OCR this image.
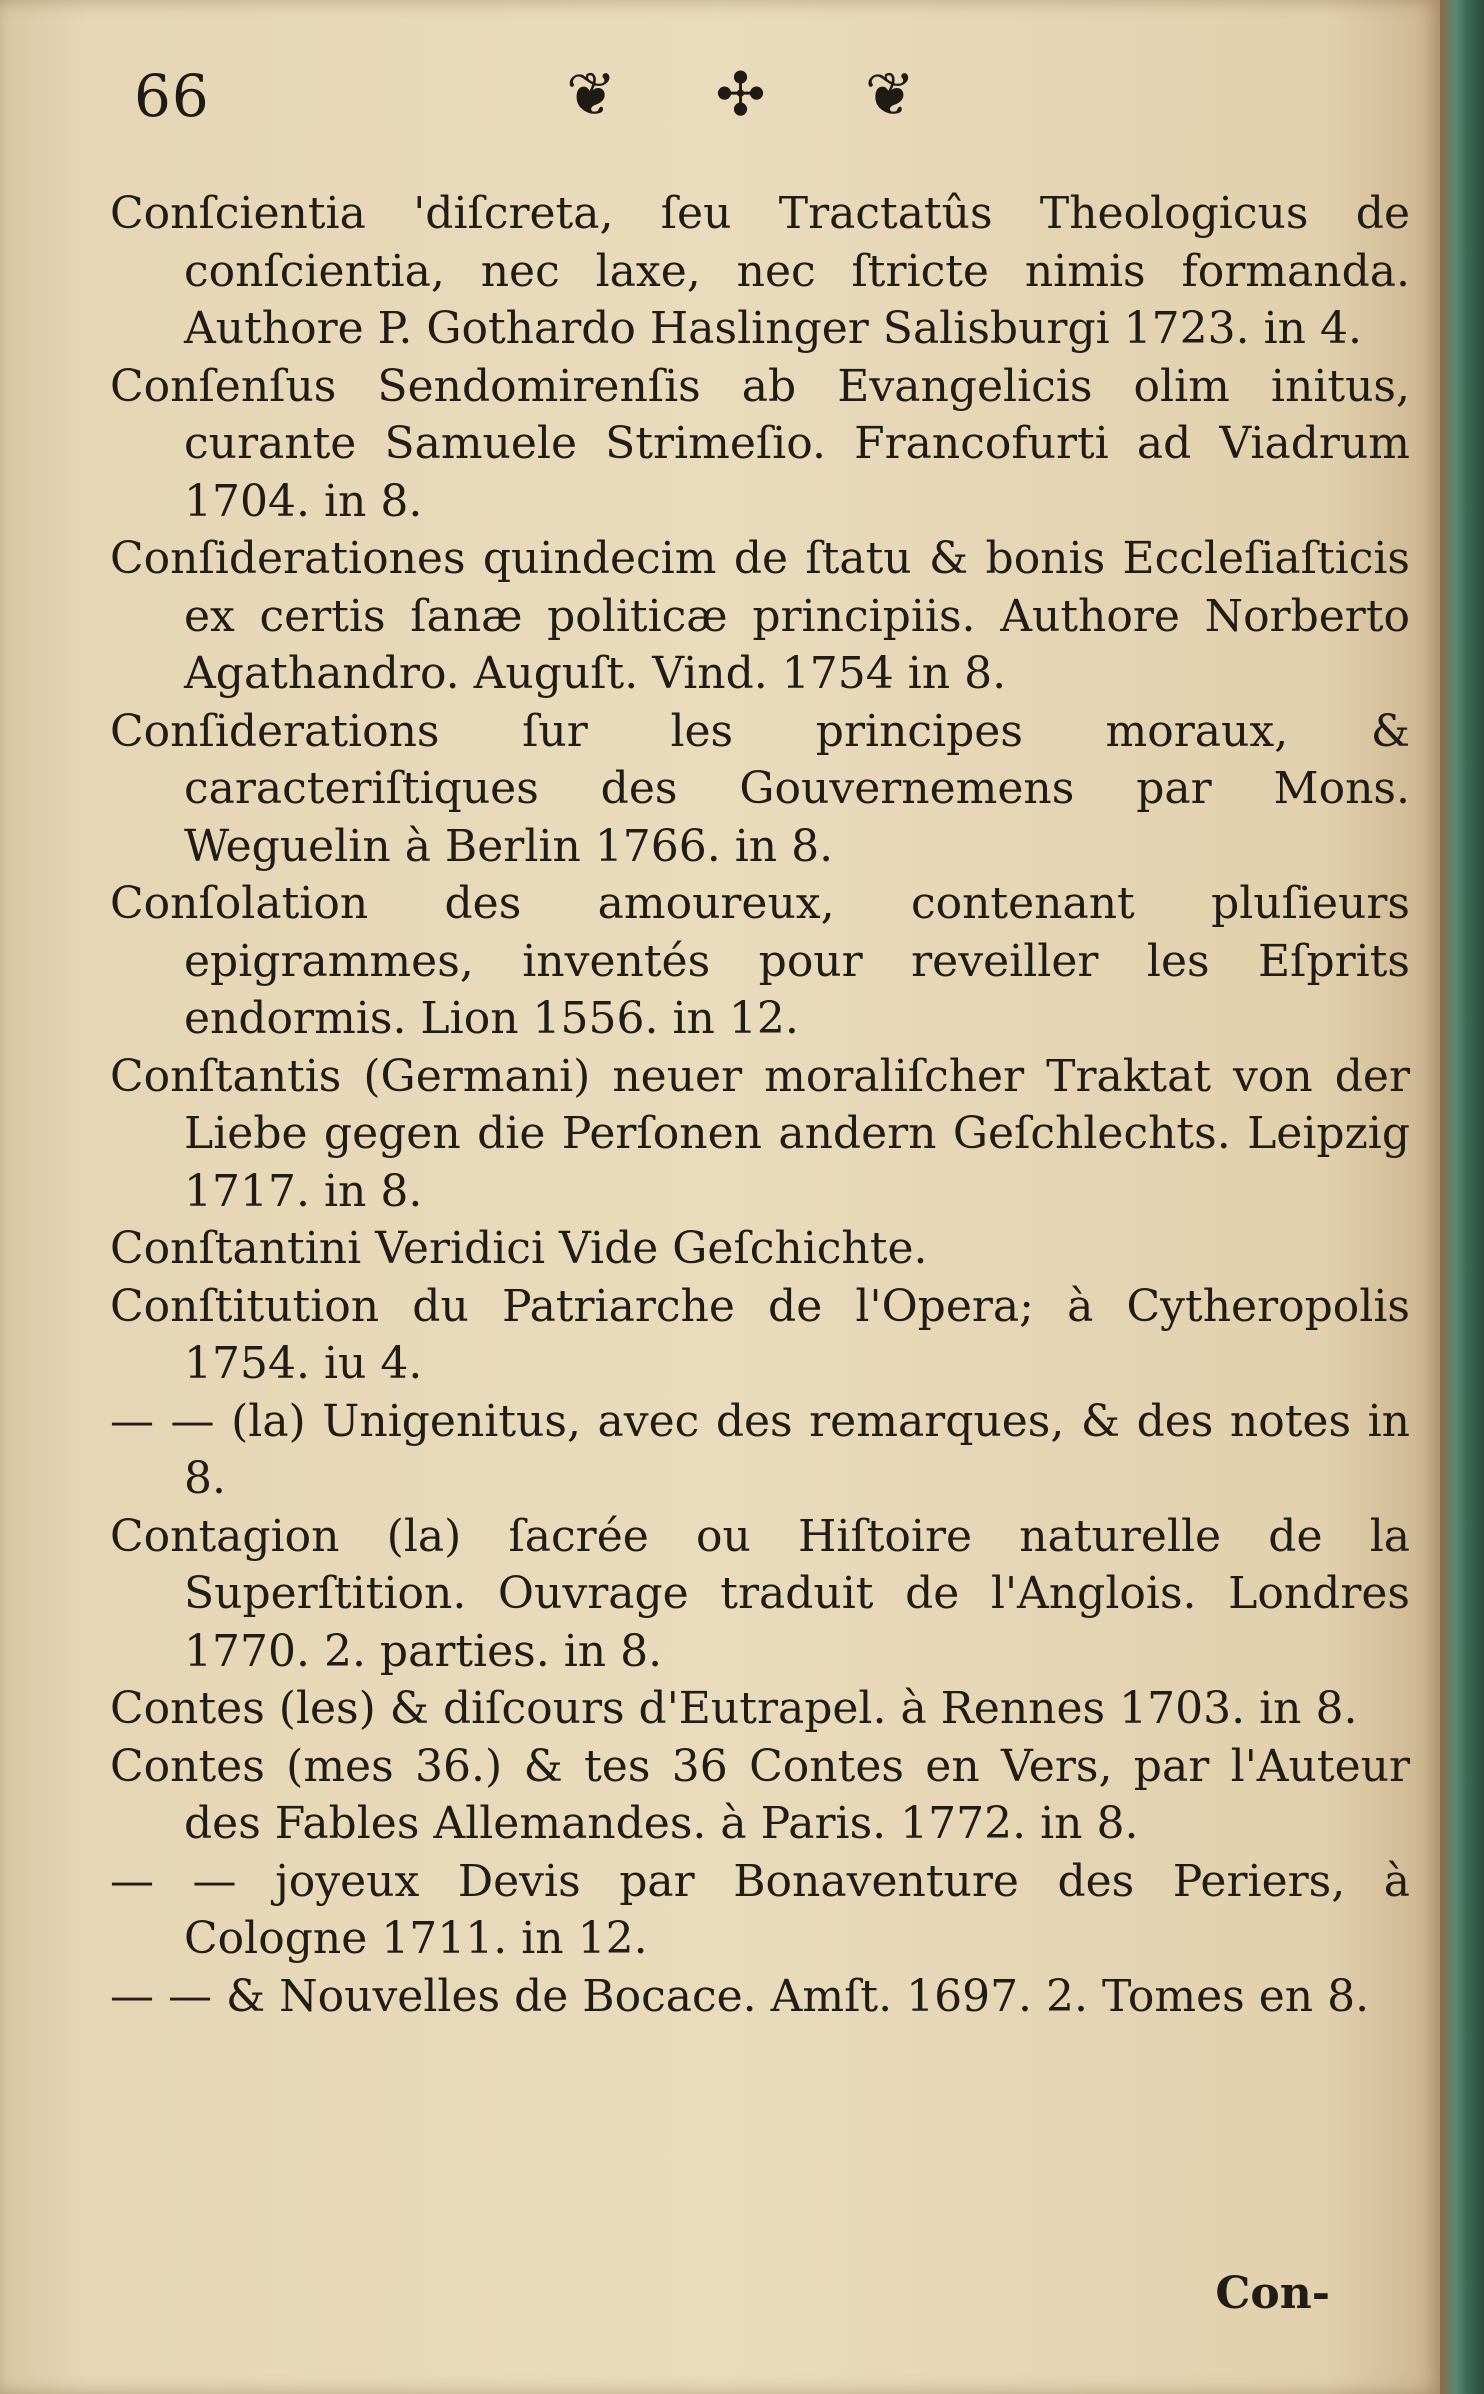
66	❦ ✣ ❦

Conſcientia 'diſcreta, ſeu Tractatûs Theologicus de conſcientia, nec laxe, nec ſtricte nimis formanda. Authore P. Gothardo Haslinger Salisburgi 1723. in 4.

Conſenſus Sendomirenſis ab Evangelicis olim initus, curante Samuele Strimeſio. Francofurti ad Viadrum 1704. in 8.

Conſiderationes quindecim de ſtatu & bonis Eccleſiaſticis ex certis ſanæ politicæ principiis. Authore Norberto Agathandro. Auguſt. Vind. 1754 in 8.

Conſiderations ſur les principes moraux, & caracteriſtiques des Gouvernemens par Mons. Weguelin à Berlin 1766. in 8.

Conſolation des amoureux, contenant pluſieurs epigrammes, inventés pour reveiller les Eſprits endormis. Lion 1556. in 12.

Conſtantis (Germani) neuer moraliſcher Traktat von der Liebe gegen die Perſonen andern Geſchlechts. Leipzig 1717. in 8.

Conſtantini Veridici Vide Geſchichte.

Conſtitution du Patriarche de l'Opera; à Cytheropolis 1754. iu 4.

— — (la) Unigenitus, avec des remarques, & des notes in 8.

Contagion (la) ſacrée ou Hiſtoire naturelle de la Superſtition. Ouvrage traduit de l'Anglois. Londres 1770. 2. parties. in 8.

Contes (les) & diſcours d'Eutrapel. à Rennes 1703. in 8.

Contes (mes 36.) & tes 36 Contes en Vers, par l'Auteur des Fables Allemandes. à Paris. 1772. in 8.

— — joyeux Devis par Bonaventure des Periers, à Cologne 1711. in 12.

— — & Nouvelles de Bocace. Amſt. 1697. 2. Tomes en 8.

Con-
